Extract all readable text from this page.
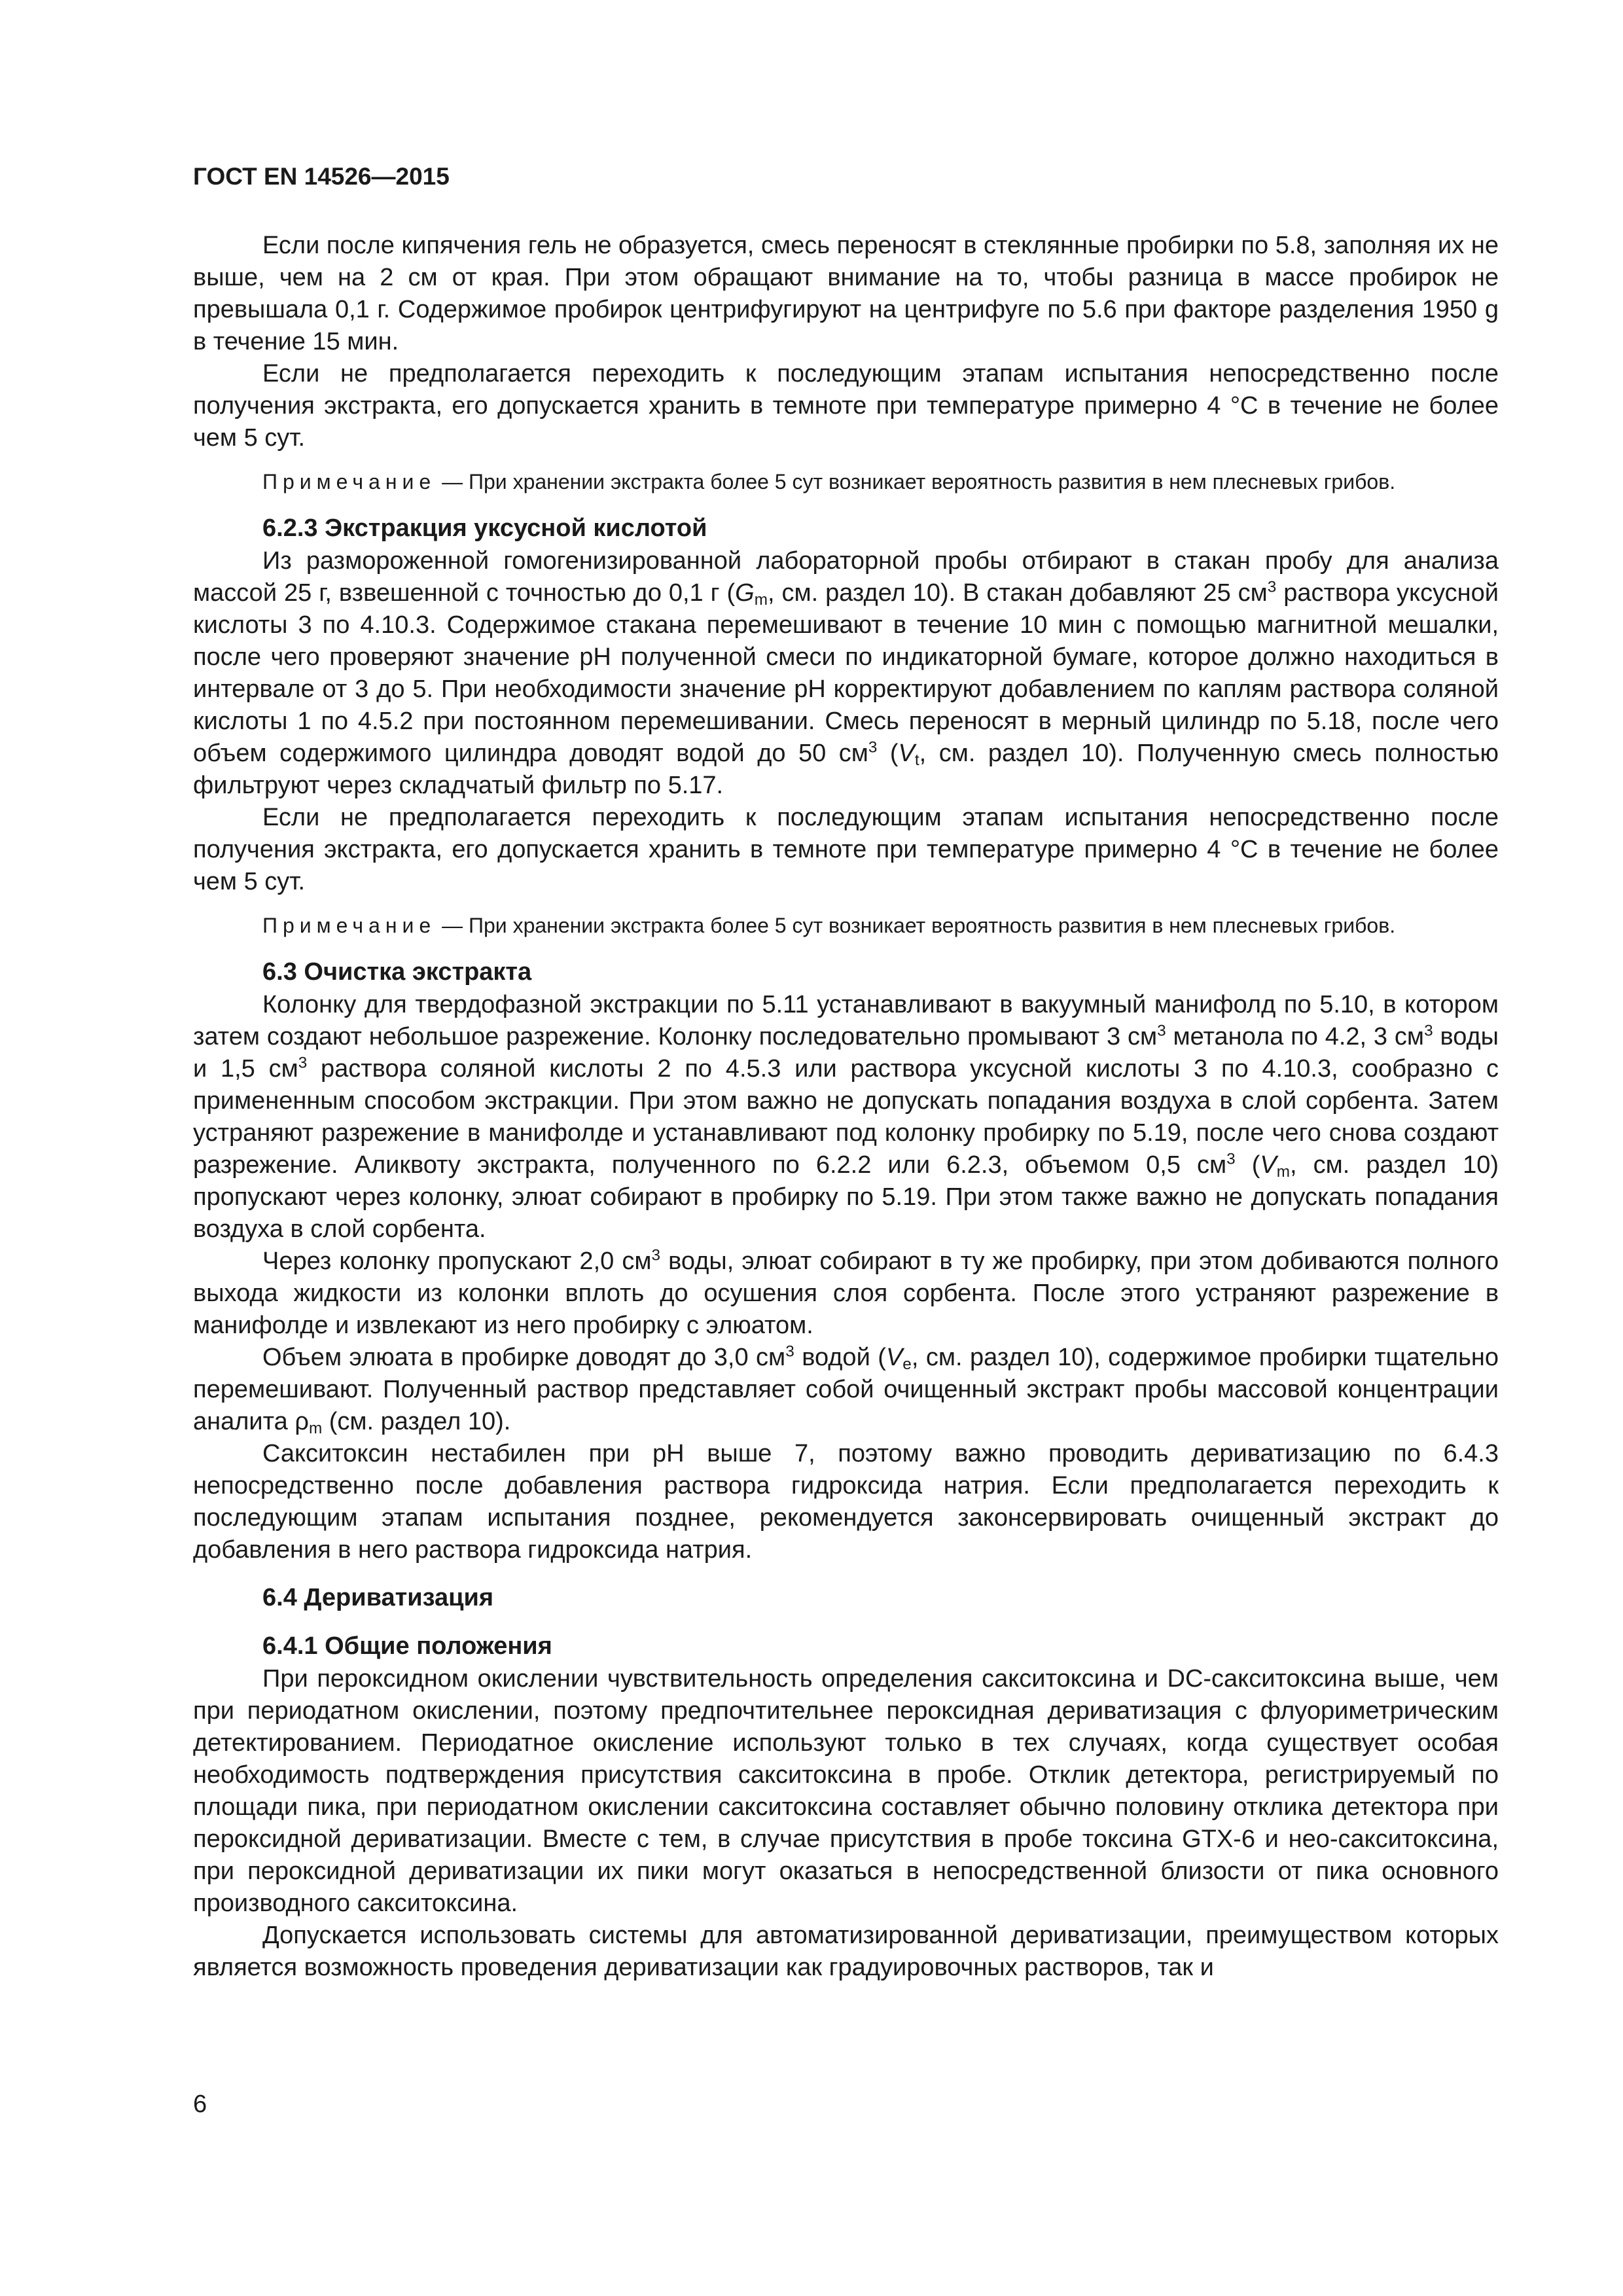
ГОСТ EN 14526—2015

Если после кипячения гель не образуется, смесь переносят в стеклянные пробирки по 5.8, заполняя их не выше, чем на 2 см от края. При этом обращают внимание на то, чтобы разница в массе пробирок не превышала 0,1 г. Содержимое пробирок центрифугируют на центрифуге по 5.6 при факторе разделения 1950 g в течение 15 мин.

Если не предполагается переходить к последующим этапам испытания непосредственно после получения экстракта, его допускается хранить в темноте при температуре примерно 4 °С в течение не более чем 5 сут.

Примечание — При хранении экстракта более 5 сут возникает вероятность развития в нем плесневых грибов.

6.2.3 Экстракция уксусной кислотой

Из размороженной гомогенизированной лабораторной пробы отбирают в стакан пробу для анализа массой 25 г, взвешенной с точностью до 0,1 г ($G_m$, см. раздел 10). В стакан добавляют 25 $см^3$ раствора уксусной кислоты 3 по 4.10.3. Содержимое стакана перемешивают в течение 10 мин с помощью магнитной мешалки, после чего проверяют значение рН полученной смеси по индикаторной бумаге, которое должно находиться в интервале от 3 до 5. При необходимости значение рН корректируют добавлением по каплям раствора соляной кислоты 1 по 4.5.2 при постоянном перемешивании. Смесь переносят в мерный цилиндр по 5.18, после чего объем содержимого цилиндра доводят водой до 50 $см^3$ ($V_t$, см. раздел 10). Полученную смесь полностью фильтруют через складчатый фильтр по 5.17.

Если не предполагается переходить к последующим этапам испытания непосредственно после получения экстракта, его допускается хранить в темноте при температуре примерно 4 °С в течение не более чем 5 сут.

Примечание — При хранении экстракта более 5 сут возникает вероятность развития в нем плесневых грибов.

6.3 Очистка экстракта

Колонку для твердофазной экстракции по 5.11 устанавливают в вакуумный манифолд по 5.10, в котором затем создают небольшое разрежение. Колонку последовательно промывают 3 $см^3$ метанола по 4.2, 3 $см^3$ воды и 1,5 $см^3$ раствора соляной кислоты 2 по 4.5.3 или раствора уксусной кислоты 3 по 4.10.3, сообразно с примененным способом экстракции. При этом важно не допускать попадания воздуха в слой сорбента. Затем устраняют разрежение в манифолде и устанавливают под колонку пробирку по 5.19, после чего снова создают разрежение. Аликвоту экстракта, полученного по 6.2.2 или 6.2.3, объемом 0,5 $см^3$ ($V_m$, см. раздел 10) пропускают через колонку, элюат собирают в пробирку по 5.19. При этом также важно не допускать попадания воздуха в слой сорбента.

Через колонку пропускают 2,0 $см^3$ воды, элюат собирают в ту же пробирку, при этом добиваются полного выхода жидкости из колонки вплоть до осушения слоя сорбента. После этого устраняют разрежение в манифолде и извлекают из него пробирку с элюатом.

Объем элюата в пробирке доводят до 3,0 $см^3$ водой ($V_e$, см. раздел 10), содержимое пробирки тщательно перемешивают. Полученный раствор представляет собой очищенный экстракт пробы массовой концентрации аналита $\rho_m$ (см. раздел 10).

Сакситоксин нестабилен при рН выше 7, поэтому важно проводить дериватизацию по 6.4.3 непосредственно после добавления раствора гидроксида натрия. Если предполагается переходить к последующим этапам испытания позднее, рекомендуется законсервировать очищенный экстракт до добавления в него раствора гидроксида натрия.

6.4 Дериватизация
6.4.1 Общие положения

При пероксидном окислении чувствительность определения сакситоксина и DC-сакситоксина выше, чем при периодатном окислении, поэтому предпочтительнее пероксидная дериватизация с флуориметрическим детектированием. Периодатное окисление используют только в тех случаях, когда существует особая необходимость подтверждения присутствия сакситоксина в пробе. Отклик детектора, регистрируемый по площади пика, при периодатном окислении сакситоксина составляет обычно половину отклика детектора при пероксидной дериватизации. Вместе с тем, в случае присутствия в пробе токсина GTX-6 и нео-сакситоксина, при пероксидной дериватизации их пики могут оказаться в непосредственной близости от пика основного производного сакситоксина.

Допускается использовать системы для автоматизированной дериватизации, преимуществом которых является возможность проведения дериватизации как градуировочных растворов, так и

6
